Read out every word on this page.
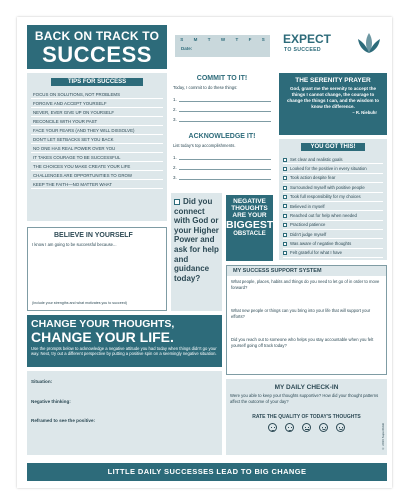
BACK ON TRACK TO
SUCCESS
S M T W T F S
Date:
EXPECT
TO SUCCEED
TIPS FOR SUCCESS
FOCUS ON SOLUTIONS, NOT PROBLEMS
FORGIVE AND ACCEPT YOURSELF
NEVER, EVER GIVE UP ON YOURSELF
RECONCILE WITH YOUR PAST
FACE YOUR FEARS (AND THEY WILL DISSOLVE)
DON'T LET SETBACKS SET YOU BACK
NO ONE HAS REAL POWER OVER YOU
IT TAKES COURAGE TO BE SUCCESSFUL
THE CHOICES YOU MAKE CREATE YOUR LIFE
CHALLENGES ARE OPPORTUNITIES TO GROW
KEEP THE FAITH—NO MATTER WHAT
COMMIT TO IT!
Today, I commit to do these things:
1.
2.
3.
ACKNOWLEDGE IT!
List today's top accomplishments.
1.
2.
3.
THE SERENITY PRAYER
God, grant me the serenity to accept the things I cannot change, the courage to change the things I can, and the wisdom to know the difference.
– R. Niebuhr
YOU GOT THIS!
Set clear and realistic goals
Looked for the positive in every situation
Took action despite fear
Surrounded myself with positive people
Took full responsibility for my choices
Believed in myself
Reached out for help when needed
Practiced patience
Didn't judge myself
Was aware of negative thoughts
Felt grateful for what I have
Did you connect with God or your Higher Power and ask for help and guidance today?
NEGATIVE
THOUGHTS
ARE YOUR
BIGGEST
OBSTACLE
BELIEVE IN YOURSELF
I know I am going to be successful because...
(Include your strengths and what motivates you to succeed)
MY SUCCESS SUPPORT SYSTEM
What people, places, habits and things do you need to let go of in order to move forward?
What new people or things can you bring into your life that will support your efforts?
Did you reach out to someone who helps you stay accountable when you felt yourself going off track today?
CHANGE YOUR THOUGHTS,
CHANGE YOUR LIFE.
Use the prompts below to acknowledge a negative attitude you had today when things didn't go your way. Next, try out a different perspective by putting a positive spin on a seemingly negative situation.
Situation:
Negative thinking:
Reframed to see the positive:
MY DAILY CHECK-IN
Were you able to keep your thoughts supportive? How did your thought patterns affect the outcome of your day?
RATE THE QUALITY OF TODAY'S THOUGHTS
© 2016 SuperOddz
LITTLE DAILY SUCCESSES LEAD TO BIG CHANGE
